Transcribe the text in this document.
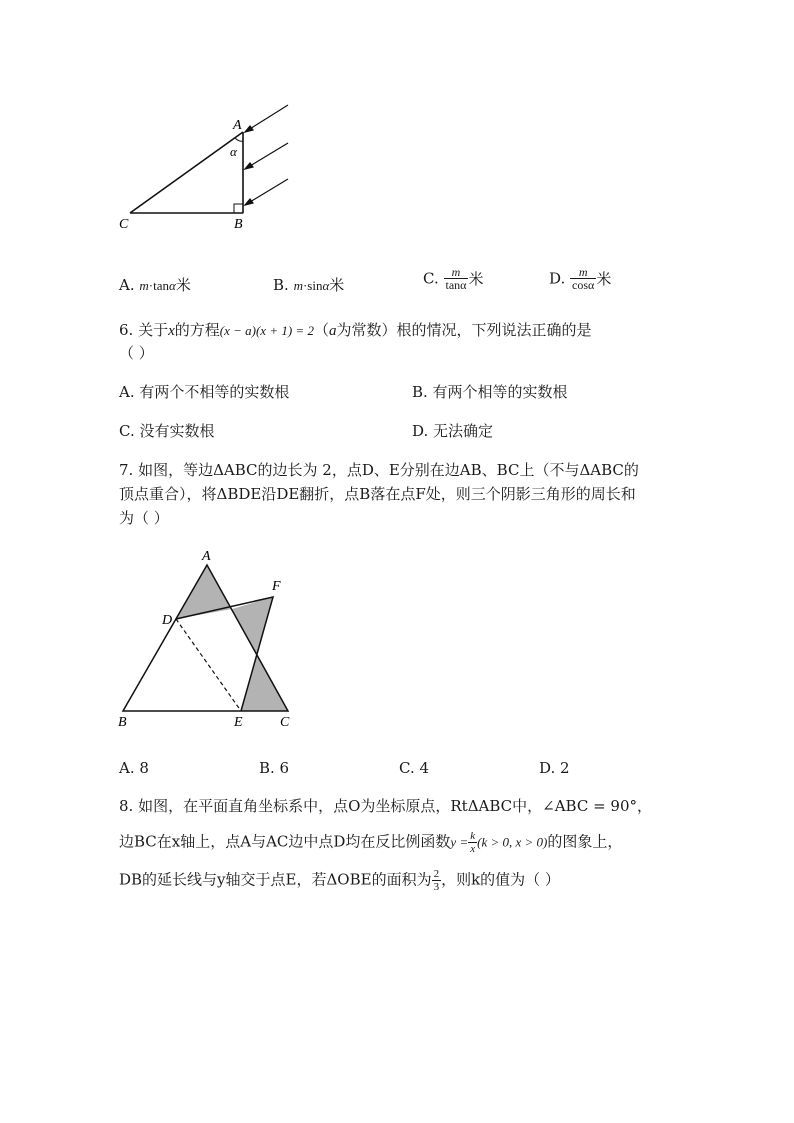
A
α
C	B
A. m·tanα米	B. m·sinα米	C. $\frac{m}{\tan\alpha}$ 米	D. $\frac{m}{\cos\alpha}$ 米
6. 关于x的方程(x − a)(x + 1) = 2（a为常数）根的情况，下列说法正确的是
（ ）
A. 有两个不相等的实数根	B. 有两个相等的实数根
C. 没有实数根	D. 无法确定
7. 如图，等边ΔABC的边长为 2，点D、E分别在边AB、BC上（不与ΔABC的
顶点重合），将ΔBDE沿DE翻折，点B落在点F处，则三个阴影三角形的周长和
为（ ）
A
F
D
B	E	C
A. 8	B. 6	C. 4	D. 2
8. 如图，在平面直角坐标系中，点O为坐标原点，RtΔABC中，∠ABC = 90°，
边BC在x轴上，点A与AC边中点D均在反比例函数$y = \frac{k}{x} (k > 0$, x > 0)的图象上，
DB的延长线与y轴交于点E，若ΔOBE的面积为 $\frac{2}{3}$ ，则k的值为（ ）
